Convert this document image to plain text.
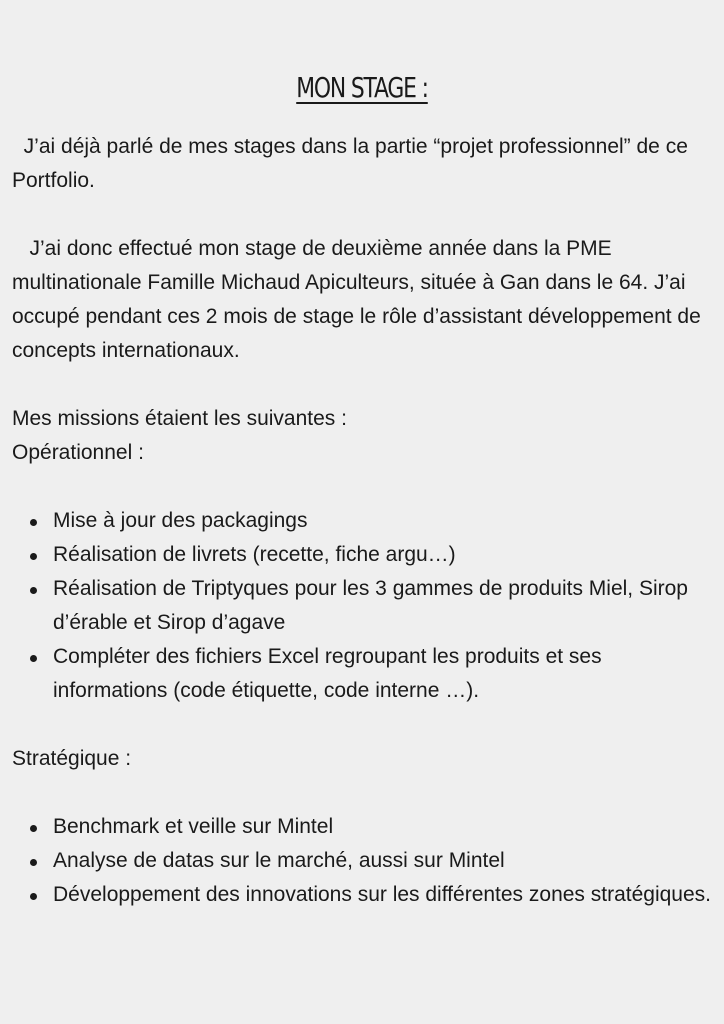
MON STAGE :

J’ai déjà parlé de mes stages dans la partie “projet professionnel” de ce Portfolio.

J’ai donc effectué mon stage de deuxième année dans la PME multinationale Famille Michaud Apiculteurs, située à Gan dans le 64. J’ai occupé pendant ces 2 mois de stage le rôle d’assistant développement de concepts internationaux.

Mes missions étaient les suivantes :

Opérationnel :

Mise à jour des packagings
Réalisation de livrets (recette, fiche argu…)
Réalisation de Triptyques pour les 3 gammes de produits Miel, Sirop d’érable et Sirop d’agave
Compléter des fichiers Excel regroupant les produits et ses informations (code étiquette, code interne …).

Stratégique :

Benchmark et veille sur Mintel
Analyse de datas sur le marché, aussi sur Mintel
Développement des innovations sur les différentes zones stratégiques.
